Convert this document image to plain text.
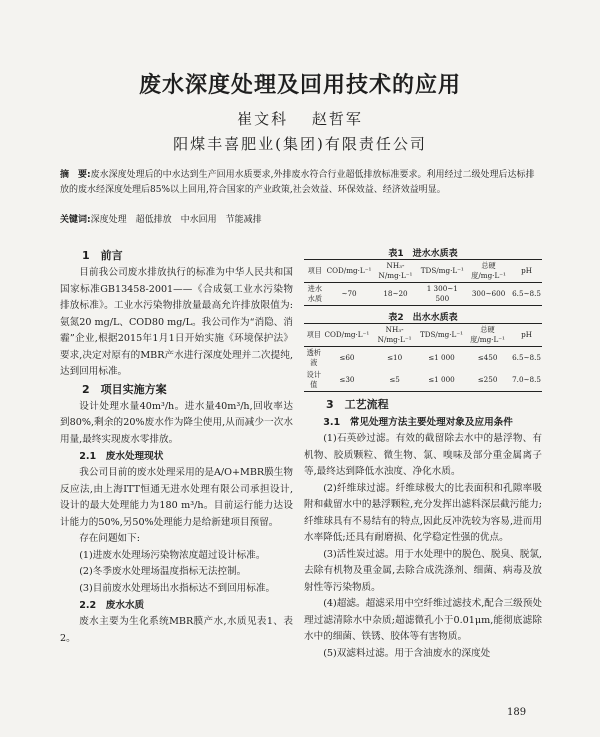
废水深度处理及回用技术的应用
崔文科　 赵哲军
阳煤丰喜肥业(集团)有限责任公司
摘　要:废水深度处理后的中水达到生产回用水质要求,外排废水符合行业超低排放标准要求。利用经过二级处理后达标排放的废水经深度处理后85%以上回用,符合国家的产业政策,社会效益、环保效益、经济效益明显。
关键词:深度处理　超低排放　中水回用　节能减排

1　前言

目前我公司废水排放执行的标准为中华人民共和国国家标准GB13458-2001——《合成氨工业水污染物排放标准》。工业水污染物排放量最高允许排放限值为:氨氮20 mg/L、COD80 mg/L。我公司作为“消隐、消霾”企业,根据2015年1月1日开始实施《环境保护法》要求,决定对原有的MBR产水进行深度处理并二次提纯,达到回用标准。

2　项目实施方案

设计处理水量40m³/h。进水量40m³/h,回收率达到80%,剩余的20%废水作为降尘使用,从而减少一次水用量,最终实现废水零排放。

2.1　废水处理现状

我公司目前的废水处理采用的是A/O+MBR膜生物反应法,由上海ITT恒通无进水处理有限公司承担设计,设计的最大处理能力为180 m³/h。目前运行能力达设计能力的50%,另50%处理能力是给新建项目预留。

存在问题如下:

(1)进废水处理场污染物浓度超过设计标准。

(2)冬季废水处理场温度指标无法控制。

(3)目前废水处理场出水指标达不到回用标准。

2.2　废水水质

废水主要为生化系统MBR膜产水,水质见表1、表2。

表1　进水水质表
项目	COD/mg·L⁻¹	NH₃-N/mg·L⁻¹	TDS/mg·L⁻¹	总硬度/mg·L⁻¹	pH
进水水质	~70	18~20	1 300~1 500	300~600	6.5~8.5
表2　出水水质表
项目	COD/mg·L⁻¹	NH₃-N/mg·L⁻¹	TDS/mg·L⁻¹	总硬度/mg·L⁻¹	pH
透析液	≤60	≤10	≤1 000	≤450	6.5~8.5
设计值	≤30	≤5	≤1 000	≤250	7.0~8.5

3　工艺流程

3.1　常见处理方法主要处理对象及应用条件

(1)石英砂过滤。有效的截留除去水中的悬浮物、有机物、胶质颗粒、微生物、氯、嗅味及部分重金属离子等,最终达到降低水浊度、净化水质。

(2)纤维球过滤。纤维球极大的比表面积和孔隙率吸附和截留水中的悬浮颗粒,充分发挥出滤料深层截污能力;纤维球具有不易结有的特点,因此反冲洗较为容易,进而用水率降低;还具有耐磨损、化学稳定性强的优点。

(3)活性炭过滤。用于水处理中的脱色、脱臭、脱氯,去除有机物及重金属,去除合成洗涤剂、细菌、病毒及放射性等污染物质。

(4)超滤。超滤采用中空纤维过滤技术,配合三级预处理过滤清除水中杂质;超滤微孔小于0.01μm,能彻底滤除水中的细菌、铁锈、胶体等有害物质。

(5)双滤料过滤。用于含油废水的深度处

189
